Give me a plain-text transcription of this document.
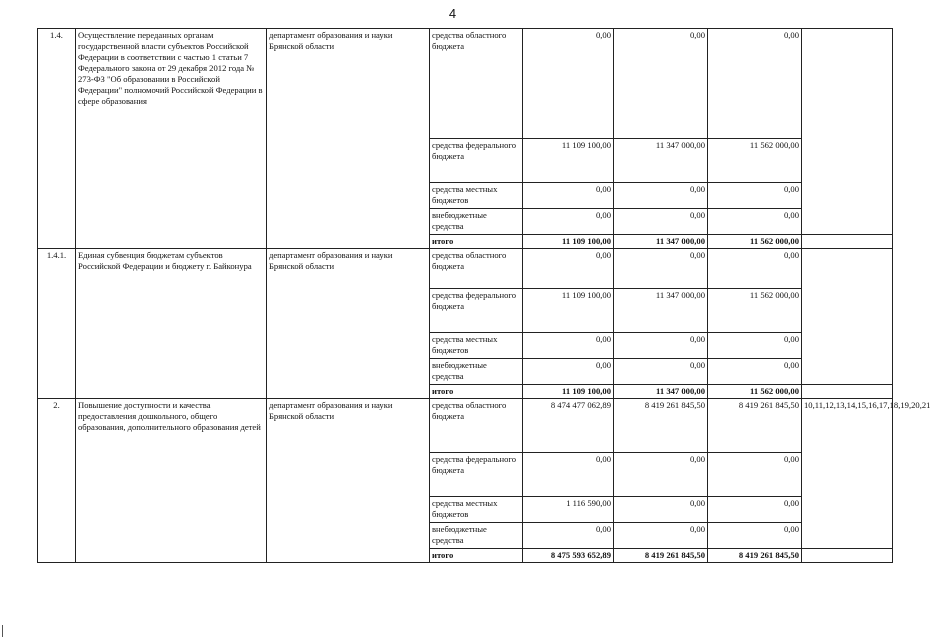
4
1.4.	Осуществление переданных органам государственной власти субъектов Российской Федерации в соответствии с частью 1 статьи 7 Федерального закона от 29 декабря 2012 года № 273-ФЗ "Об образовании в Российской Федерации" полномочий Российской Федерации в сфере образования	департамент образования и науки Брянской области	средства областного бюджета	0,00	0,00	0,00	
			средства федерального бюджета	11 109 100,00	11 347 000,00	11 562 000,00	
			средства местных бюджетов	0,00	0,00	0,00	
			внебюджетные средства	0,00	0,00	0,00	
			итого	11 109 100,00	11 347 000,00	11 562 000,00	
1.4.1.	Единая субвенция бюджетам субъектов Российской Федерации и бюджету г. Байконура	департамент образования и науки Брянской области	средства областного бюджета	0,00	0,00	0,00	
			средства федерального бюджета	11 109 100,00	11 347 000,00	11 562 000,00	
			средства местных бюджетов	0,00	0,00	0,00	
			внебюджетные средства	0,00	0,00	0,00	
			итого	11 109 100,00	11 347 000,00	11 562 000,00	
2.	Повышение доступности и качества предоставления дошкольного, общего образования, дополнительного образования детей	департамент образования и науки Брянской области	средства областного бюджета	8 474 477 062,89	8 419 261 845,50	8 419 261 845,50	10,11,12,13,14,15,16,17,18,19,20,21
			средства федерального бюджета	0,00	0,00	0,00	
			средства местных бюджетов	1 116 590,00	0,00	0,00	
			внебюджетные средства	0,00	0,00	0,00	
			итого	8 475 593 652,89	8 419 261 845,50	8 419 261 845,50	
